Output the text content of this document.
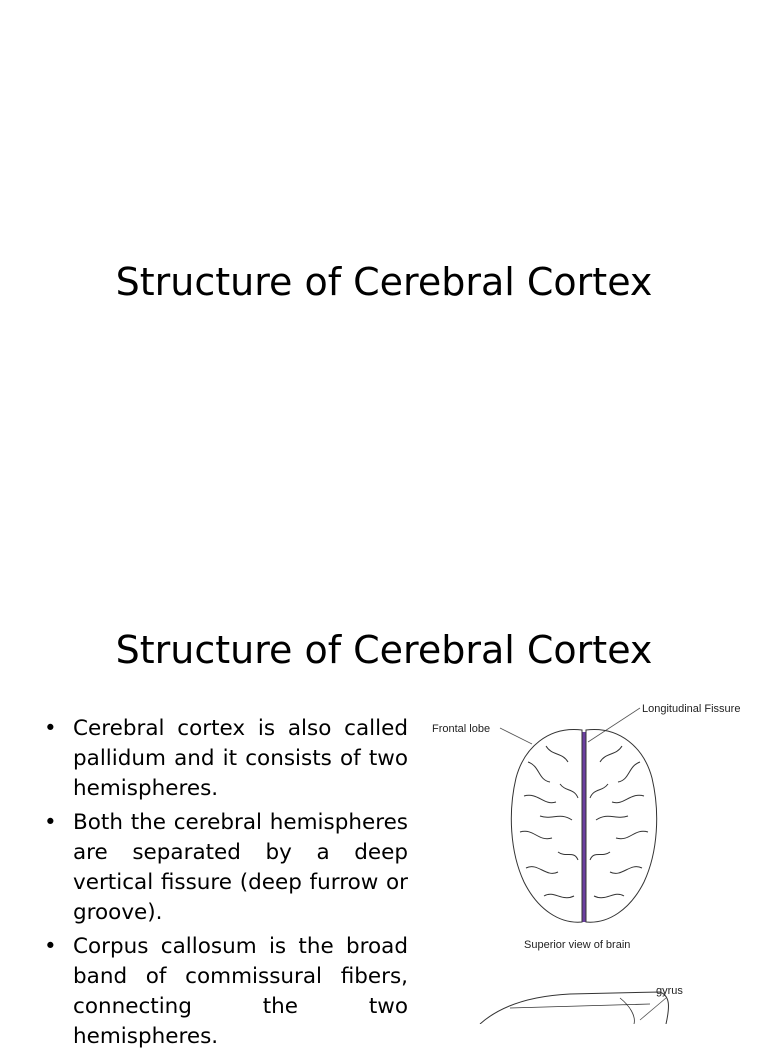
Structure of Cerebral Cortex
Structure of Cerebral Cortex
• Cerebral cortex is also called pallidum and it consists of two hemispheres.
• Both the cerebral hemispheres are separated by a deep vertical fissure (deep furrow or groove).
• Corpus callosum is the broad band of commissural fibers, connecting the two hemispheres.
Frontal lobe
Longitudinal Fissure
Superior view of brain
gyrus
